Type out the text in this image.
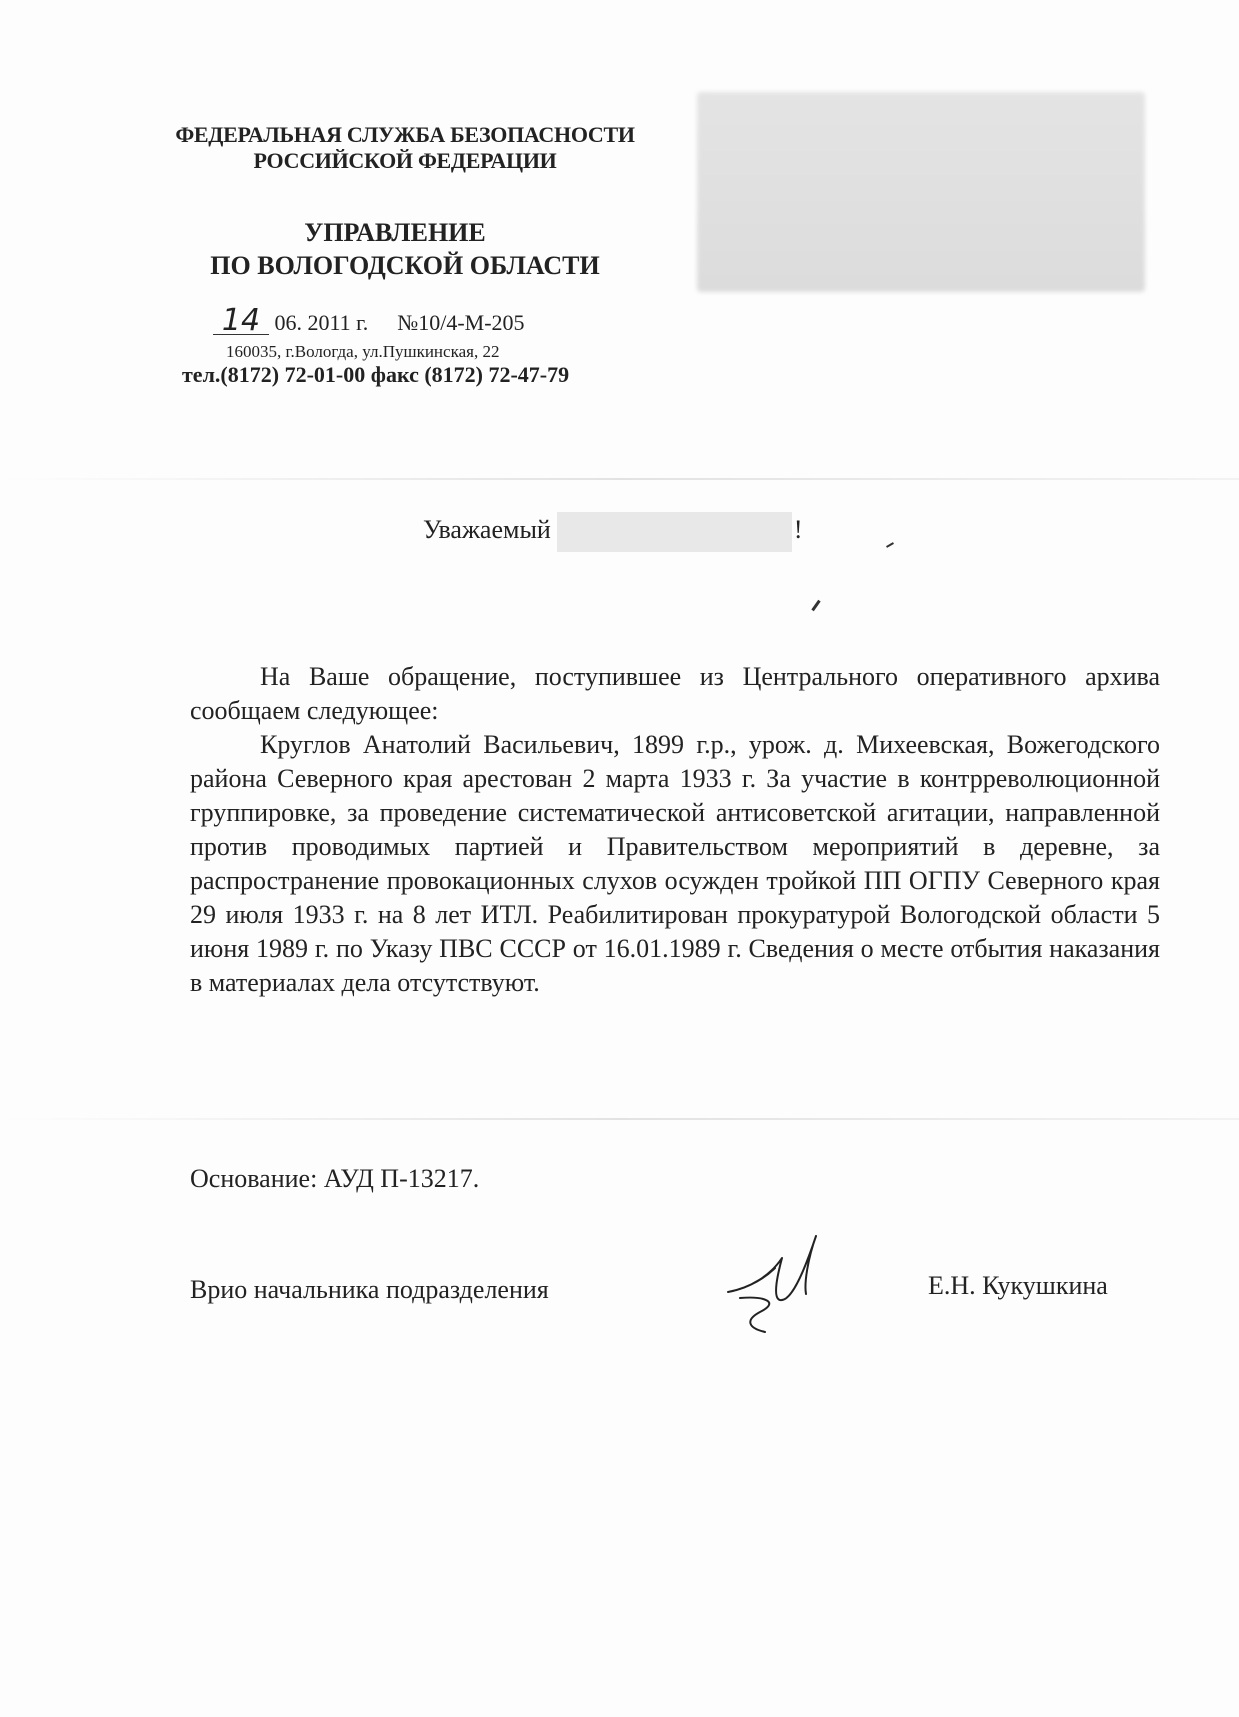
ФЕДЕРАЛЬНАЯ СЛУЖБА БЕЗОПАСНОСТИ
РОССИЙСКОЙ ФЕДЕРАЦИИ
УПРАВЛЕНИЕ
ПО ВОЛОГОДСКОЙ ОБЛАСТИ
14 06. 2011 г. №10/4-М-205
160035, г.Вологда, ул.Пушкинская, 22
тел.(8172) 72-01-00 факс (8172) 72-47-79
Уважаемый	!

На Ваше обращение, поступившее из Центрального оперативного архива сообщаем следующее:

Круглов Анатолий Васильевич, 1899 г.р., урож. д. Михеевская, Вожегодского района Северного края арестован 2 марта 1933 г. За участие в контрреволюционной группировке, за проведение систематической антисоветской агитации, направленной против проводимых партией и Правительством мероприятий в деревне, за распространение провокационных слухов осужден тройкой ПП ОГПУ Северного края 29 июля 1933 г. на 8 лет ИТЛ. Реабилитирован прокуратурой Вологодской области 5 июня 1989 г. по Указу ПВС СССР от 16.01.1989 г. Сведения о месте отбытия наказания в материалах дела отсутствуют.

Основание: АУД П-13217.
Врио начальника подразделения	Е.Н. Кукушкина
